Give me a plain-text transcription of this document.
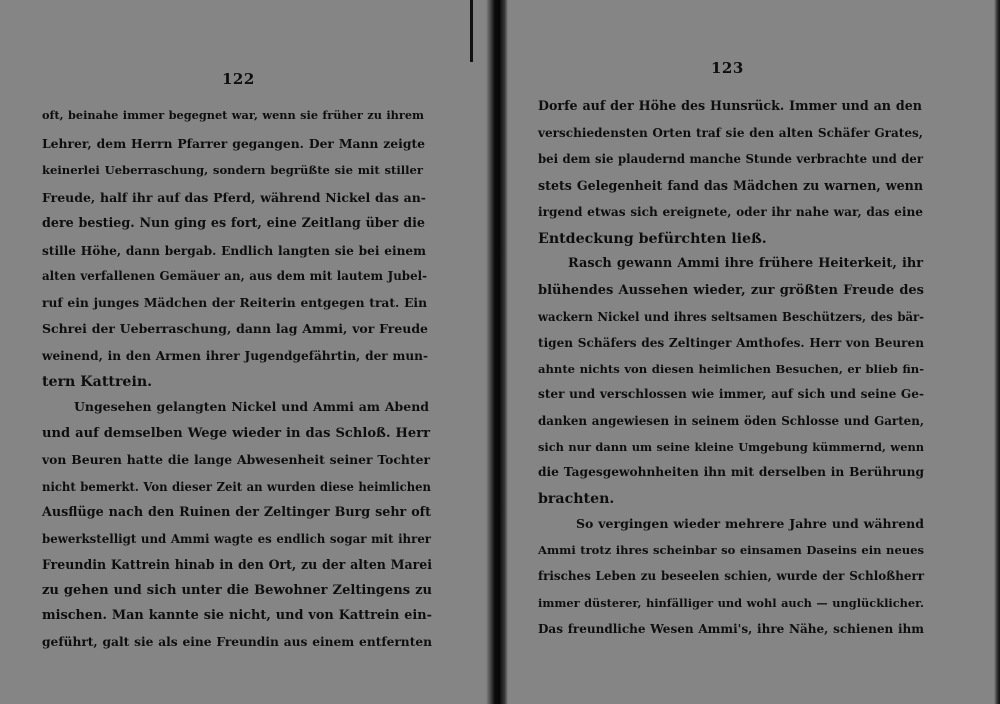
122
oft, beinahe immer begegnet war, wenn sie früher zu ihrem
Lehrer, dem Herrn Pfarrer gegangen. Der Mann zeigte
keinerlei Ueberraschung, sondern begrüßte sie mit stiller
Freude, half ihr auf das Pferd, während Nickel das an-
dere bestieg. Nun ging es fort, eine Zeitlang über die
stille Höhe, dann bergab. Endlich langten sie bei einem
alten verfallenen Gemäuer an, aus dem mit lautem Jubel-
ruf ein junges Mädchen der Reiterin entgegen trat. Ein
Schrei der Ueberraschung, dann lag Ammi, vor Freude
weinend, in den Armen ihrer Jugendgefährtin, der mun-
tern Kattrein.
Ungesehen gelangten Nickel und Ammi am Abend
und auf demselben Wege wieder in das Schloß. Herr
von Beuren hatte die lange Abwesenheit seiner Tochter
nicht bemerkt. Von dieser Zeit an wurden diese heimlichen
Ausflüge nach den Ruinen der Zeltinger Burg sehr oft
bewerkstelligt und Ammi wagte es endlich sogar mit ihrer
Freundin Kattrein hinab in den Ort, zu der alten Marei
zu gehen und sich unter die Bewohner Zeltingens zu
mischen. Man kannte sie nicht, und von Kattrein ein-
geführt, galt sie als eine Freundin aus einem entfernten
123
Dorfe auf der Höhe des Hunsrück. Immer und an den
verschiedensten Orten traf sie den alten Schäfer Grates,
bei dem sie plaudernd manche Stunde verbrachte und der
stets Gelegenheit fand das Mädchen zu warnen, wenn
irgend etwas sich ereignete, oder ihr nahe war, das eine
Entdeckung befürchten ließ.
Rasch gewann Ammi ihre frühere Heiterkeit, ihr
blühendes Aussehen wieder, zur größten Freude des
wackern Nickel und ihres seltsamen Beschützers, des bär-
tigen Schäfers des Zeltinger Amthofes. Herr von Beuren
ahnte nichts von diesen heimlichen Besuchen, er blieb fin-
ster und verschlossen wie immer, auf sich und seine Ge-
danken angewiesen in seinem öden Schlosse und Garten,
sich nur dann um seine kleine Umgebung kümmernd, wenn
die Tagesgewohnheiten ihn mit derselben in Berührung
brachten.
So vergingen wieder mehrere Jahre und während
Ammi trotz ihres scheinbar so einsamen Daseins ein neues
frisches Leben zu beseelen schien, wurde der Schloßherr
immer düsterer, hinfälliger und wohl auch — unglücklicher.
Das freundliche Wesen Ammi's, ihre Nähe, schienen ihm
